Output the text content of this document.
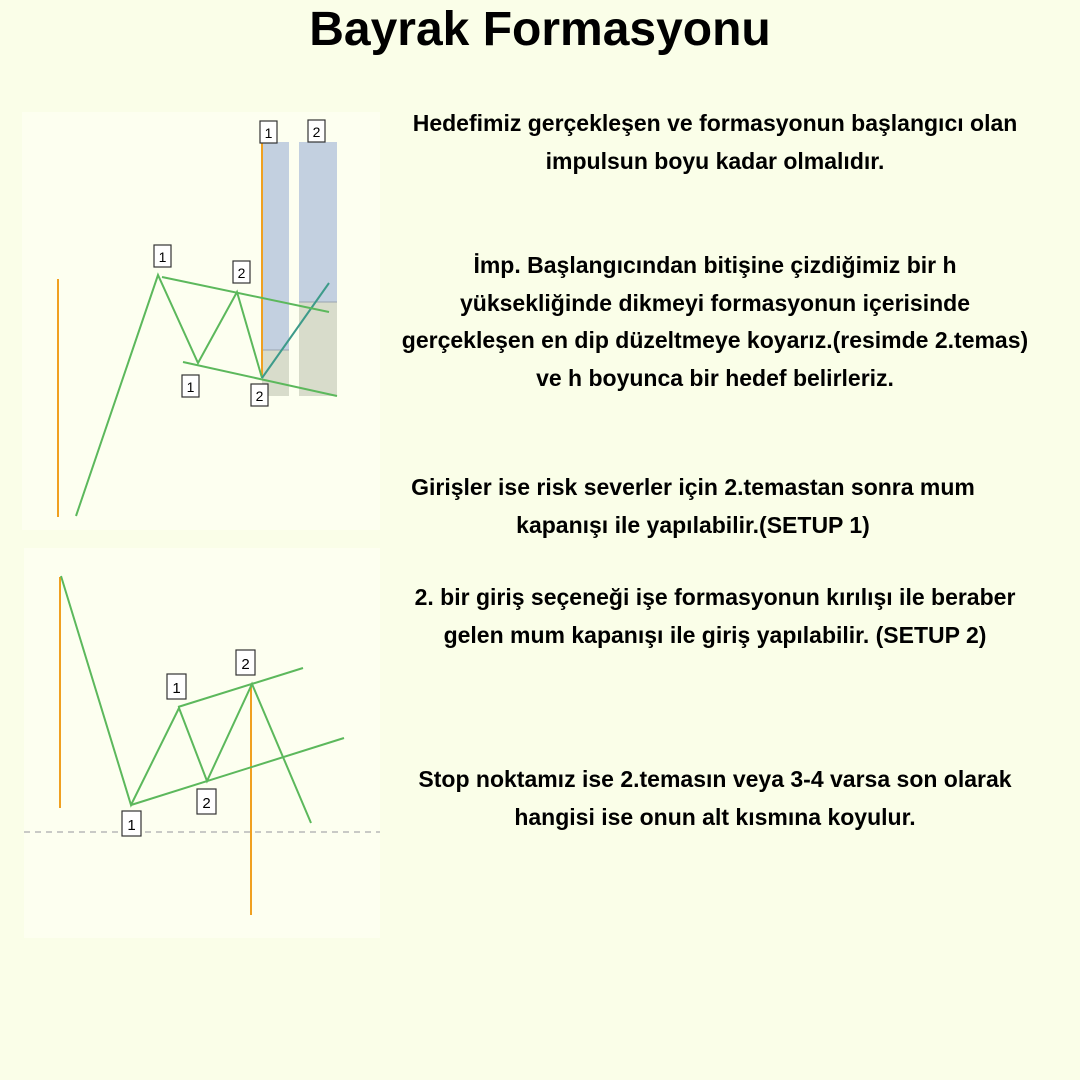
Bayrak Formasyonu
1
2
1
2
1	2
1
2
1
2
Hedefimiz gerçekleşen ve formasyonun başlangıcı olan impulsun boyu kadar olmalıdır.
İmp. Başlangıcından bitişine çizdiğimiz bir h yüksekliğinde dikmeyi formasyonun içerisinde gerçekleşen en dip düzeltmeye koyarız.(resimde 2.temas) ve h boyunca bir hedef belirleriz.
Girişler ise risk severler için 2.temastan sonra mum kapanışı ile yapılabilir.(SETUP 1)
2. bir giriş seçeneği işe formasyonun kırılışı ile beraber gelen mum kapanışı ile giriş yapılabilir. (SETUP 2)
Stop noktamız ise 2.temasın veya 3-4 varsa son olarak hangisi ise onun alt kısmına koyulur.
